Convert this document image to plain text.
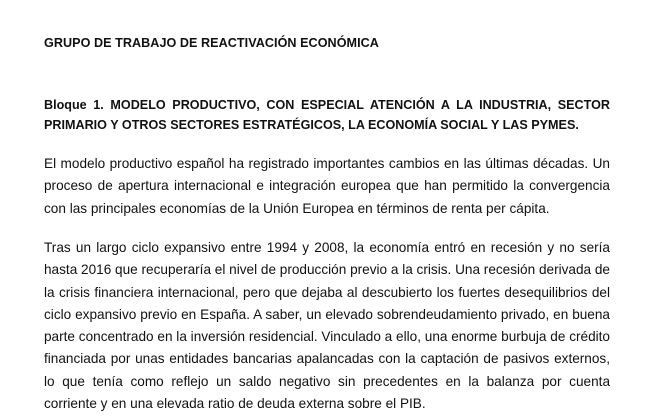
GRUPO DE TRABAJO DE REACTIVACIÓN ECONÓMICA
Bloque 1. MODELO PRODUCTIVO, CON ESPECIAL ATENCIÓN A LA INDUSTRIA, SECTOR PRIMARIO Y OTROS SECTORES ESTRATÉGICOS, LA ECONOMÍA SOCIAL Y LAS PYMES.

El modelo productivo español ha registrado importantes cambios en las últimas décadas. Un proceso de apertura internacional e integración europea que han permitido la convergencia con las principales economías de la Unión Europea en términos de renta per cápita.

Tras un largo ciclo expansivo entre 1994 y 2008, la economía entró en recesión y no sería hasta 2016 que recuperaría el nivel de producción previo a la crisis. Una recesión derivada de la crisis financiera internacional, pero que dejaba al descubierto los fuertes desequilibrios del ciclo expansivo previo en España. A saber, un elevado sobrendeudamiento privado, en buena parte concentrado en la inversión residencial. Vinculado a ello, una enorme burbuja de crédito financiada por unas entidades bancarias apalancadas con la captación de pasivos externos, lo que tenía como reflejo un saldo negativo sin precedentes en la balanza por cuenta corriente y en una elevada ratio de deuda externa sobre el PIB.
